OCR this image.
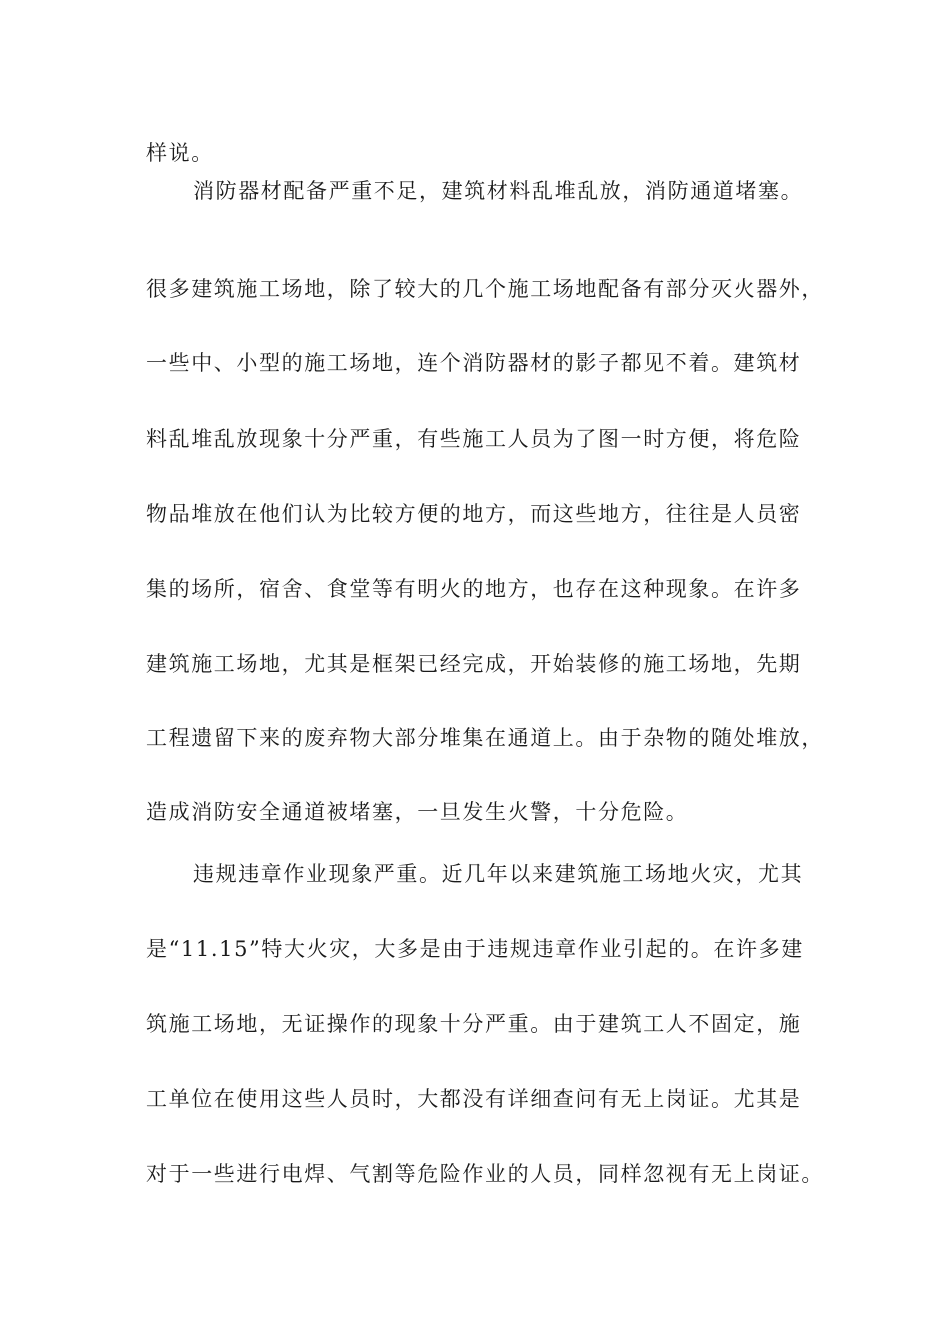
样说。
消防器材配备严重不足，建筑材料乱堆乱放，消防通道堵塞。
很多建筑施工场地，除了较大的几个施工场地配备有部分灭火器外，
一些中、小型的施工场地，连个消防器材的影子都见不着。建筑材
料乱堆乱放现象十分严重，有些施工人员为了图一时方便，将危险
物品堆放在他们认为比较方便的地方，而这些地方，往往是人员密
集的场所，宿舍、食堂等有明火的地方，也存在这种现象。在许多
建筑施工场地，尤其是框架已经完成，开始装修的施工场地，先期
工程遗留下来的废弃物大部分堆集在通道上。由于杂物的随处堆放，
造成消防安全通道被堵塞，一旦发生火警，十分危险。
违规违章作业现象严重。近几年以来建筑施工场地火灾，尤其
是“11.15”特大火灾，大多是由于违规违章作业引起的。在许多建
筑施工场地，无证操作的现象十分严重。由于建筑工人不固定，施
工单位在使用这些人员时，大都没有详细查问有无上岗证。尤其是
对于一些进行电焊、气割等危险作业的人员，同样忽视有无上岗证。
